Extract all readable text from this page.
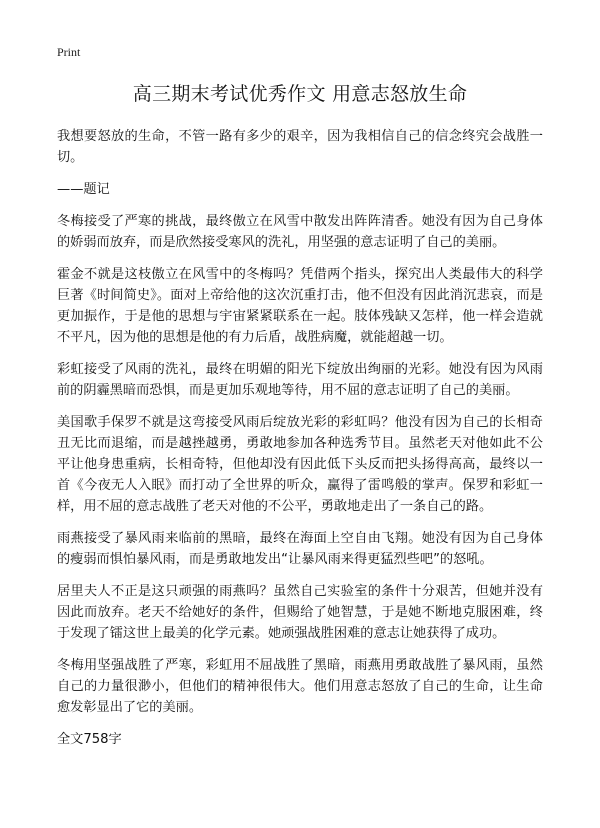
Print
高三期末考试优秀作文 用意志怒放生命

我想要怒放的生命，不管一路有多少的艰辛，因为我相信自己的信念终究会战胜一切。

——题记

冬梅接受了严寒的挑战，最终傲立在风雪中散发出阵阵清香。她没有因为自己身体的娇弱而放弃，而是欣然接受寒风的洗礼，用坚强的意志证明了自己的美丽。

霍金不就是这枝傲立在风雪中的冬梅吗？凭借两个指头，探究出人类最伟大的科学巨著《时间简史》。面对上帝给他的这次沉重打击，他不但没有因此消沉悲哀，而是更加振作，于是他的思想与宇宙紧紧联系在一起。肢体残缺又怎样，他一样会造就不平凡，因为他的思想是他的有力后盾，战胜病魔，就能超越一切。

彩虹接受了风雨的洗礼，最终在明媚的阳光下绽放出绚丽的光彩。她没有因为风雨前的阴霾黑暗而恐惧，而是更加乐观地等待，用不屈的意志证明了自己的美丽。

美国歌手保罗不就是这弯接受风雨后绽放光彩的彩虹吗？他没有因为自己的长相奇丑无比而退缩，而是越挫越勇，勇敢地参加各种选秀节目。虽然老天对他如此不公平让他身患重病，长相奇特，但他却没有因此低下头反而把头扬得高高，最终以一首《今夜无人入眠》而打动了全世界的听众，赢得了雷鸣般的掌声。保罗和彩虹一样，用不屈的意志战胜了老天对他的不公平，勇敢地走出了一条自己的路。

雨燕接受了暴风雨来临前的黑暗，最终在海面上空自由飞翔。她没有因为自己身体的瘦弱而惧怕暴风雨，而是勇敢地发出“让暴风雨来得更猛烈些吧”的怒吼。

居里夫人不正是这只顽强的雨燕吗？虽然自己实验室的条件十分艰苦，但她并没有因此而放弃。老天不给她好的条件，但赐给了她智慧，于是她不断地克服困难，终于发现了镭这世上最美的化学元素。她顽强战胜困难的意志让她获得了成功。

冬梅用坚强战胜了严寒，彩虹用不屈战胜了黑暗，雨燕用勇敢战胜了暴风雨，虽然自己的力量很渺小，但他们的精神很伟大。他们用意志怒放了自己的生命，让生命愈发彰显出了它的美丽。

全文758字
